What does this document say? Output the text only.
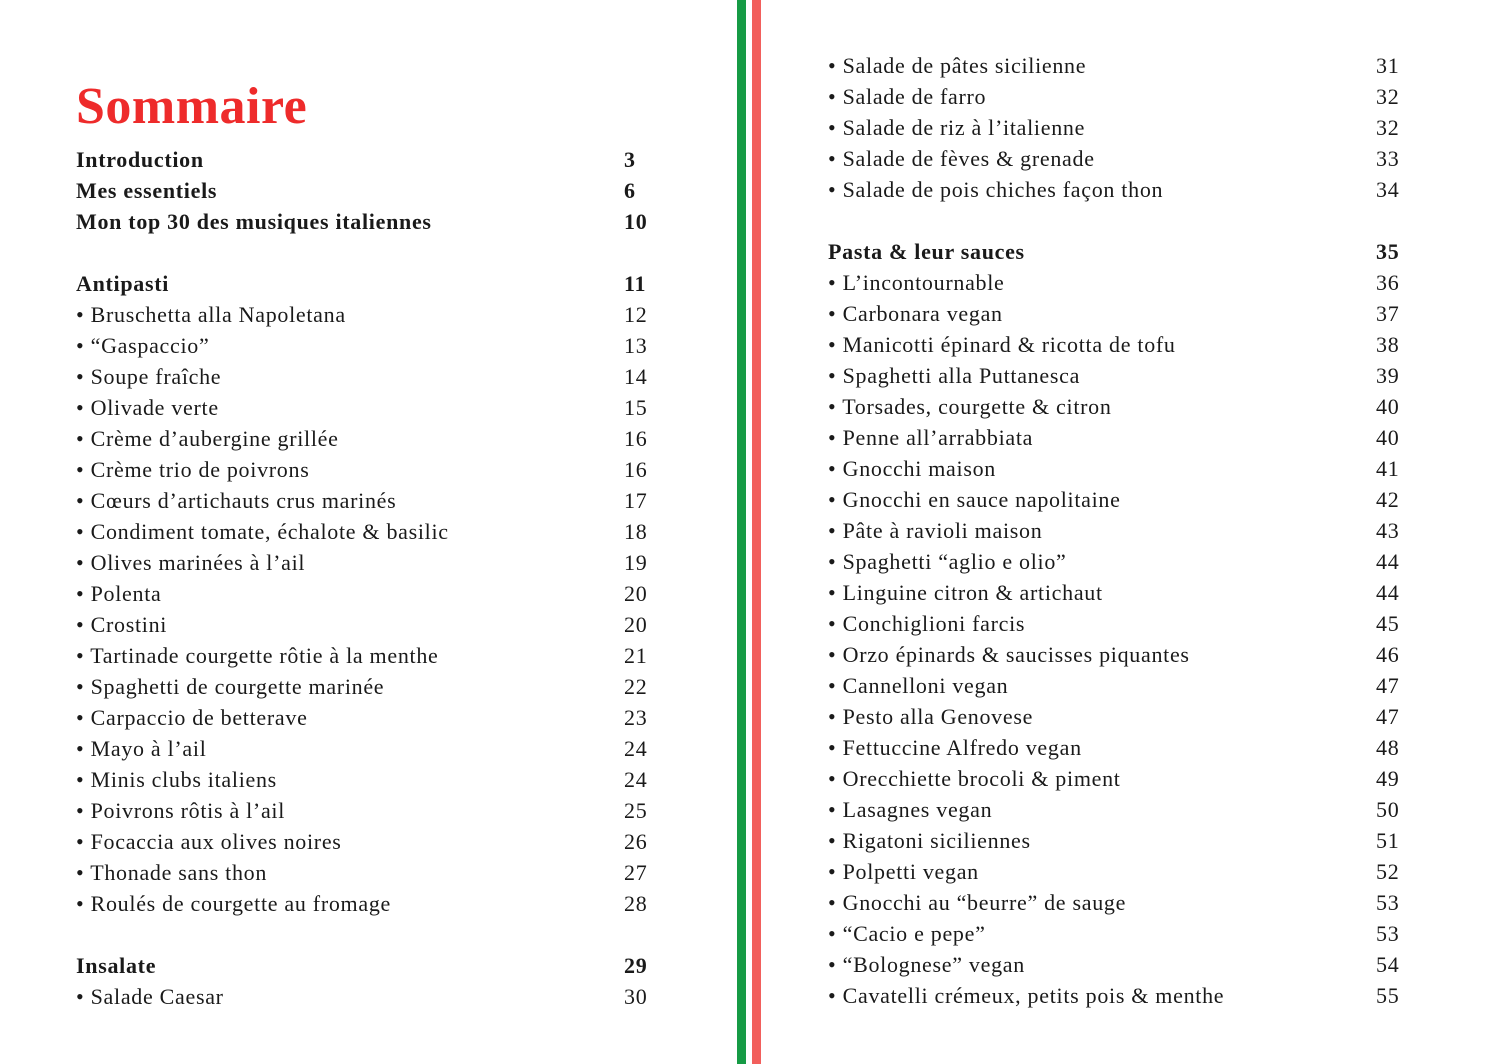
Sommaire
Introduction	3
Mes essentiels	6
Mon top 30 des musiques italiennes	10
Antipasti	11
• Bruschetta alla Napoletana	12
• “Gaspaccio”	13
• Soupe fraîche	14
• Olivade verte	15
• Crème d’aubergine grillée	16
• Crème trio de poivrons	16
• Cœurs d’artichauts crus marinés	17
• Condiment tomate, échalote & basilic	18
• Olives marinées à l’ail	19
• Polenta	20
• Crostini	20
• Tartinade courgette rôtie à la menthe	21
• Spaghetti de courgette marinée	22
• Carpaccio de betterave	23
• Mayo à l’ail	24
• Minis clubs italiens	24
• Poivrons rôtis à l’ail	25
• Focaccia aux olives noires	26
• Thonade sans thon	27
• Roulés de courgette au fromage	28
Insalate	29
• Salade Caesar	30
• Salade de pâtes sicilienne	31
• Salade de farro	32
• Salade de riz à l’italienne	32
• Salade de fèves & grenade	33
• Salade de pois chiches façon thon	34
Pasta & leur sauces	35
• L’incontournable	36
• Carbonara vegan	37
• Manicotti épinard & ricotta de tofu	38
• Spaghetti alla Puttanesca	39
• Torsades, courgette & citron	40
• Penne all’arrabbiata	40
• Gnocchi maison	41
• Gnocchi en sauce napolitaine	42
• Pâte à ravioli maison	43
• Spaghetti “aglio e olio”	44
• Linguine citron & artichaut	44
• Conchiglioni farcis	45
• Orzo épinards & saucisses piquantes	46
• Cannelloni vegan	47
• Pesto alla Genovese	47
• Fettuccine Alfredo vegan	48
• Orecchiette brocoli & piment	49
• Lasagnes vegan	50
• Rigatoni siciliennes	51
• Polpetti vegan	52
• Gnocchi au “beurre” de sauge	53
• “Cacio e pepe”	53
• “Bolognese” vegan	54
• Cavatelli crémeux, petits pois & menthe	55
